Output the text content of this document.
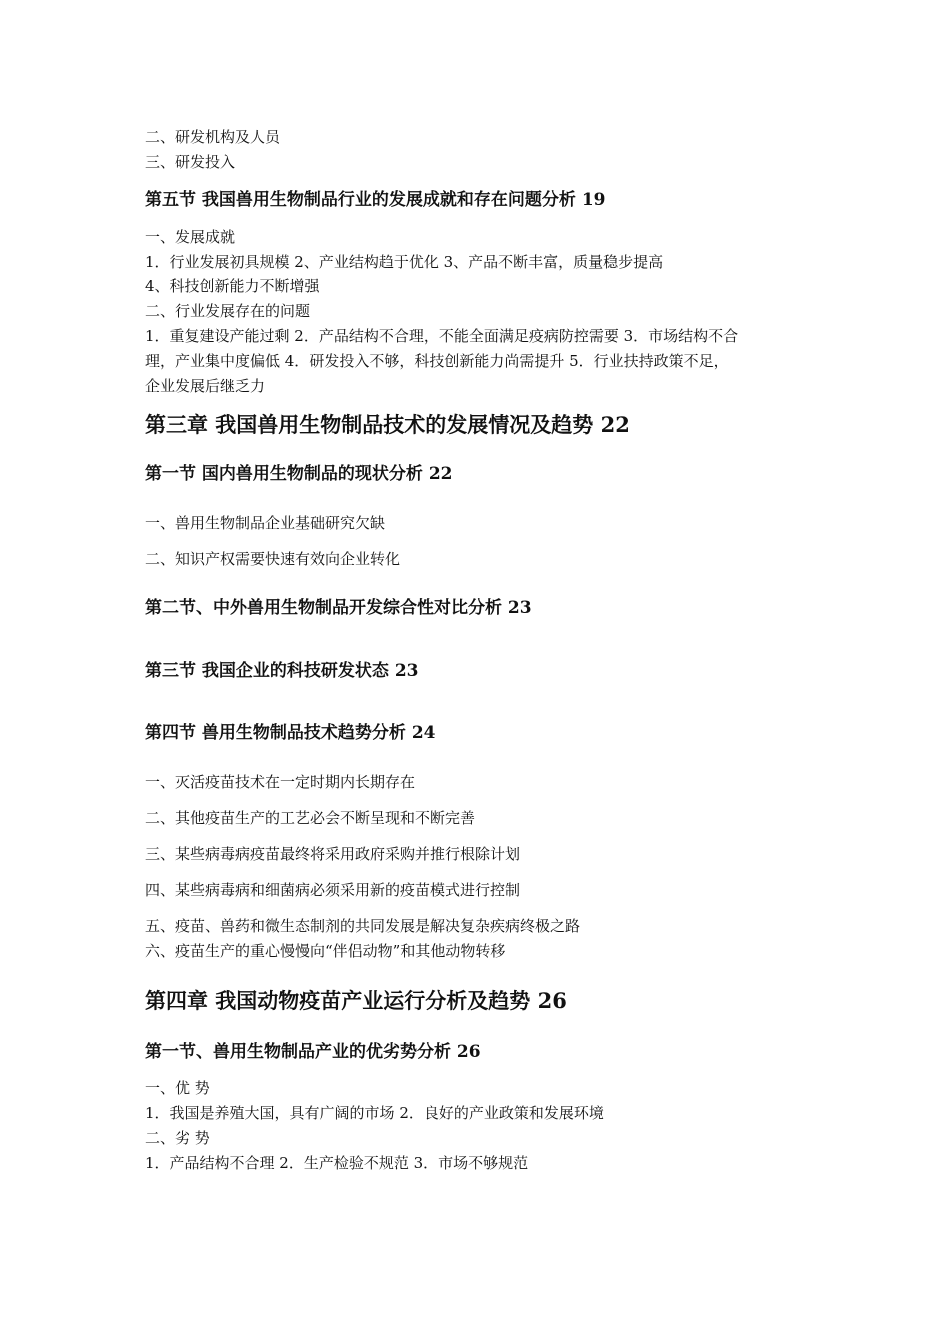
二、研发机构及人员
三、研发投入
第五节 我国兽用生物制品行业的发展成就和存在问题分析 19
一、发展成就
1．行业发展初具规模 2、产业结构趋于优化 3、产品不断丰富，质量稳步提高
4、科技创新能力不断增强
二、行业发展存在的问题
1．重复建设产能过剩 2．产品结构不合理，不能全面满足疫病防控需要 3．市场结构不合
理，产业集中度偏低 4．研发投入不够，科技创新能力尚需提升 5．行业扶持政策不足，
企业发展后继乏力
第三章 我国兽用生物制品技术的发展情况及趋势 22
第一节 国内兽用生物制品的现状分析 22
一、兽用生物制品企业基础研究欠缺
二、知识产权需要快速有效向企业转化
第二节、中外兽用生物制品开发综合性对比分析 23
第三节 我国企业的科技研发状态 23
第四节 兽用生物制品技术趋势分析 24
一、灭活疫苗技术在一定时期内长期存在
二、其他疫苗生产的工艺必会不断呈现和不断完善
三、某些病毒病疫苗最终将采用政府采购并推行根除计划
四、某些病毒病和细菌病必须采用新的疫苗模式进行控制
五、疫苗、兽药和微生态制剂的共同发展是解决复杂疾病终极之路
六、疫苗生产的重心慢慢向“伴侣动物”和其他动物转移
第四章 我国动物疫苗产业运行分析及趋势 26
第一节、兽用生物制品产业的优劣势分析 26
一、优 势
1．我国是养殖大国，具有广阔的市场 2．良好的产业政策和发展环境
二、劣 势
1．产品结构不合理 2．生产检验不规范 3．市场不够规范
